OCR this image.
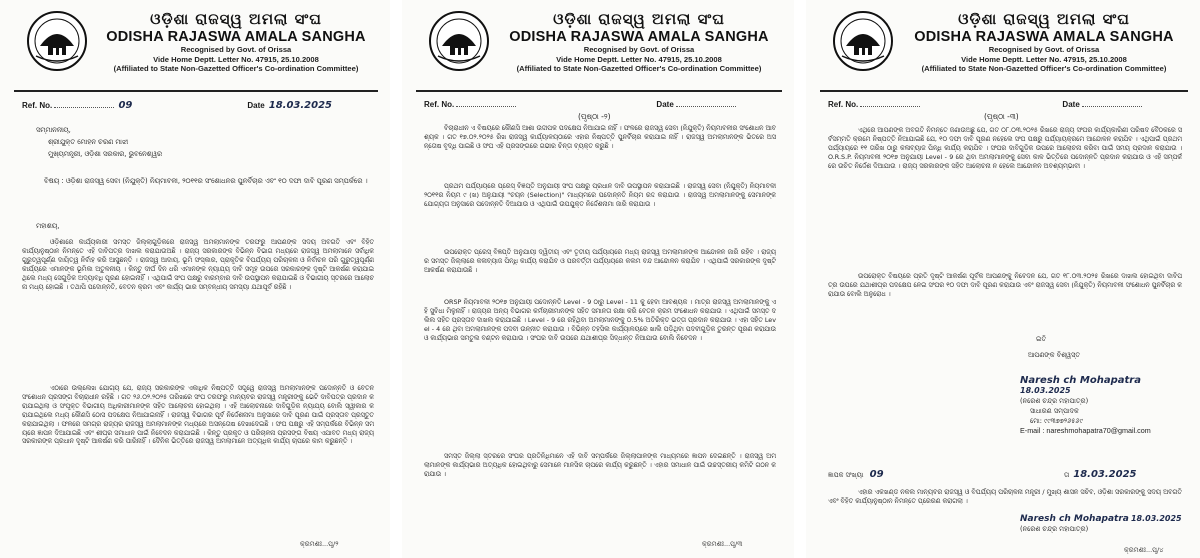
ଓଡ଼ିଶା ରାଜସ୍ୱ ଅମଲା ସଂଘ
ODISHA RAJASWA AMALA SANGHA
Recognised by Govt. of Orissa
Vide Home Deptt. Letter No. 47915, 25.10.2008
(Affiliated to State Non-Gazetted Officer's Co-ordination Committee)
Ref. No.	09	Date 18.03.2025
ସମ୍ମାନନୀୟ,
ଶ୍ରୀଯୁକ୍ତ ମୋହନ ଚରଣ ମାଝୀ
ମୁଖ୍ୟମନ୍ତ୍ରୀ, ଓଡ଼ିଶା ସରକାର, ଭୁବନେଶ୍ୱର
ବିଷୟ : ଓଡ଼ିଶା ରାଜସ୍ୱ ସେବା (ନିଯୁକ୍ତି) ନିୟମାବଳୀ, ୨୦୧୧ର ସଂଶୋଧନର ପୁନର୍ବିଚାର ଏବଂ ୧୦ ଦଫା ଦାବି ପୂରଣ ସମ୍ପର୍କରେ ।
ମହାଶୟ,
ଓଡ଼ିଶାରେ କାର୍ଯ୍ୟକାରୀ ସମସ୍ତ ଜିଲ୍ଲାଗୁଡ଼ିକରେ ରାଜସ୍ୱ ଅମଲାମାନଙ୍କ ତରଫରୁ ଆପଣଙ୍କ ସଦୟ ଅବଗତି ଏବଂ ବିହିତ କାର୍ଯ୍ୟାନୁଷ୍ଠାନ ନିମନ୍ତେ ଏହି ଦାବିପତ୍ର ଦାଖଲ କରାଯାଉଅଛି । ରାଜ୍ୟ ସରକାରଙ୍କ ବିଭିନ୍ନ ବିଭାଗ ମଧ୍ୟରେ ରାଜସ୍ୱ ଅମଲାମାନେ ସର୍ବାଧିକ ଗୁରୁତ୍ୱପୂର୍ଣ୍ଣ ଦାୟିତ୍ୱ ନିର୍ବାହ କରି ଆସୁଛନ୍ତି । ରାଜସ୍ୱ ଆଦାୟ, ଭୂମି ସଂସ୍କାର, ପ୍ରାକୃତିକ ବିପର୍ଯ୍ୟୟ ପରିଚାଳନା ଓ ନିର୍ବାଚନ ପରି ଗୁରୁତ୍ୱପୂର୍ଣ୍ଣ କାର୍ଯ୍ୟରେ ଏମାନଙ୍କ ଭୂମିକା ଅତୁଳନୀୟ । କିନ୍ତୁ ଦୀର୍ଘ ଦିନ ଧରି ଏମାନଙ୍କ ନ୍ୟାଯ୍ୟ ଦାବି ସମୂହ ଉପରେ ସରକାରଙ୍କ ଦୃଷ୍ଟି ଆକର୍ଷଣ କରାଯାଇଥିଲେ ମଧ୍ୟ ସେଗୁଡ଼ିକ ଅଦ୍ୟାବଧି ପୂରଣ ହୋଇନାହିଁ । ଏଥିପାଇଁ ସଂଘ ପକ୍ଷରୁ ବାରମ୍ବାର ଦାବି ଉପସ୍ଥାପନ କରାଯାଇଛି ଓ ବିଭାଗୀୟ ସ୍ତରରେ ଆଲୋଚନା ମଧ୍ୟ ହୋଇଛି । ତଥାପି ପଦୋନ୍ନତି, ବେତନ କ୍ରମ ଏବଂ କାର୍ଯ୍ୟ ଭାର ସମ୍ବନ୍ଧୀୟ ସମସ୍ୟା ଯଥାପୂର୍ବ ରହିଛି ।
ଏଠାରେ ଉଲ୍ଲେଖ ଯୋଗ୍ୟ ଯେ, ରାଜ୍ୟ ସରକାରଙ୍କ ଏକାଧିକ ନିଷ୍ପତ୍ତି ସତ୍ତ୍ୱେ ରାଜସ୍ୱ ଅମଲାମାନଙ୍କ ପଦୋନ୍ନତି ଓ ବେତନ ସଂଶୋଧନ ପ୍ରସଙ୍ଗ ବିଚାରାଧୀନ ରହିଛି । ଗତ ୨୬.୦୨.୨୦୨୫ ତାରିଖରେ ସଂଘ ତରଫରୁ ମାନ୍ୟବର ରାଜସ୍ୱ ମନ୍ତ୍ରୀଙ୍କୁ ଭେଟି ଦାବିପତ୍ର ପ୍ରଦାନ କରାଯାଇଥିଲା ଓ ସଂପୃକ୍ତ ବିଭାଗୀୟ ଅଧିକାରୀମାନଙ୍କ ସହିତ ଆଲୋଚନା ହୋଇଥିଲା । ଏହି ଆଲୋଚନାରେ ଦାବିଗୁଡ଼ିକ ନ୍ୟାଯ୍ୟ ବୋଲି ସ୍ୱୀକାର କରାଯାଇଥିଲେ ମଧ୍ୟ କୌଣସି ଠୋସ ପଦକ୍ଷେପ ନିଆଯାଇନାହିଁ । ରାଜସ୍ୱ ବିଭାଗର ପୂର୍ବ ନିର୍ଦ୍ଦେଶନାମା ଅନୁସାରେ ଦାବି ପୂରଣ ପାଇଁ ପ୍ରସ୍ତାବ ପ୍ରସ୍ତୁତ କରାଯାଇଥିଲା । ଫଳରେ ସମଗ୍ର ରାଜ୍ୟର ରାଜସ୍ୱ ଅମଲାମାନଙ୍କ ମଧ୍ୟରେ ଅସନ୍ତୋଷ ଦେଖାଦେଇଛି । ସଂଘ ପକ୍ଷରୁ ଏହି ସମ୍ପର୍କରେ ବିଭିନ୍ନ ସମୟରେ ଜ୍ଞାପନ ଦିଆଯାଇଛି ଏବଂ ଶୀଘ୍ର ସମାଧାନ ପାଇଁ ନିବେଦନ କରାଯାଇଛି । କିନ୍ତୁ ପ୍ରକୃତ ଓ ପରିଚାଳନା ପ୍ରସଙ୍ଗ ବିଷୟ ଏଯାବତ ମଧ୍ୟ ରାଜ୍ୟ ସରକାରଙ୍କ ପ୍ରଧାନ ଦୃଷ୍ଟି ଆକର୍ଷଣ କରି ପାରିନାହିଁ । ଦୈନିକ ଭିତ୍ତିରେ ରାଜସ୍ୱ ଅମଲାମାନେ ଅତ୍ୟଧିକ କାର୍ଯ୍ୟ ଚାପରେ କାମ କରୁଛନ୍ତି ।
କ୍ରମଶଃ...ପୃ/୨
ଓଡ଼ିଶା ରାଜସ୍ୱ ଅମଲା ସଂଘ
ODISHA RAJASWA AMALA SANGHA
Recognised by Govt. of Orissa
Vide Home Deptt. Letter No. 47915, 25.10.2008
(Affiliated to State Non-Gazetted Officer's Co-ordination Committee)
Ref. No.	Date
(ପୃଷ୍ଠା -୨)
ବିଚାରାଧୀନ ଏ ବିଷୟରେ କୌଣସି ଆଶା ଉଦ୍ଦୀପକ ପଦକ୍ଷେପ ନିଆଯାଇ ନାହିଁ । ଫଳରେ ରାଜସ୍ୱ ସେବା (ନିଯୁକ୍ତି) ନିୟମାବଳୀର ସଂଶୋଧନ ଆବଶ୍ୟକ । ଗତ ୧୭.୦୨.୨୦୨୫ ରିଖ ରାଜସ୍ୱ କାର୍ଯ୍ୟାଳୟଠାରେ ଏହାର ନିଷ୍ପତ୍ତି ପୁନର୍ବିଚାର କରାଯାଇ ନାହିଁ । ରାଜସ୍ୱ ଅମଲାମାନଙ୍କ ଭିତରେ ଅସନ୍ତୋଷ ବୃଦ୍ଧି ପାଇଛି ଓ ସଂଘ ଏହି ପ୍ରସଙ୍ଗରେ ଗଭୀର ଚିନ୍ତା ବ୍ୟକ୍ତ କରୁଛି ।
ପ୍ରଥମ ପର୍ଯ୍ୟାୟରେ ପ୍ରେସ୍ ବିଜ୍ଞପ୍ତି ଅନୁଯାୟୀ ସଂଘ ପକ୍ଷରୁ ପ୍ରଧାନ ଦାବି ଉପସ୍ଥାପନ କରାଯାଇଛି । ରାଜସ୍ୱ ସେବା (ନିଯୁକ୍ତି) ନିୟମାବଳୀ ୨୦୧୧ର ନିୟମ ୯ (ଖ) ଅନୁଯାୟୀ "ଚୟନ (Selection)" ମାଧ୍ୟମରେ ପଦୋନ୍ନତି ନିୟମ ରଦ୍ଦ କରାଯାଉ । ରାଜସ୍ୱ ଅମଲାମାନଙ୍କୁ ସେମାନଙ୍କ ଯୋଗ୍ୟତା ଅନୁସାରେ ପଦୋନ୍ନତି ଦିଆଯାଉ ଓ ଏଥିପାଇଁ ଉପଯୁକ୍ତ ନିର୍ଦ୍ଦେଶନାମା ଜାରି କରାଯାଉ ।
ଉପରୋକ୍ତ ପ୍ରେସ୍ ବିଜ୍ଞପ୍ତି ଅନୁଯାୟୀ ଦ୍ୱିତୀୟ ଏବଂ ତୃତୀୟ ପର୍ଯ୍ୟାୟରେ ମଧ୍ୟ ରାଜସ୍ୱ ଅମଲାମାନଙ୍କ ଆନ୍ଦୋଳନ ଜାରି ରହିବ । ରାଜ୍ୟର ସମସ୍ତ ଜିଲ୍ଲାରେ କଳାବ୍ୟାଜ ପିନ୍ଧି କାର୍ଯ୍ୟ କରାଯିବ ଓ ପରବର୍ତ୍ତୀ ପର୍ଯ୍ୟାୟରେ କଲମ ବନ୍ଦ ଆନ୍ଦୋଳନ କରାଯିବ । ଏଥିପାଇଁ ସରକାରଙ୍କ ଦୃଷ୍ଟି ଆକର୍ଷଣ କରାଯାଉଛି ।
ORSP ନିୟମାବଳୀ ୨୦୧୭ ଅନୁଯାୟୀ ପଦୋନ୍ନତି Level - 9 ଠାରୁ Level - 11 କୁ ହେବା ଆବଶ୍ୟକ । ମାତ୍ର ରାଜସ୍ୱ ଅମଲାମାନଙ୍କୁ ଏହି ସୁବିଧା ମିଳୁନାହିଁ । ରାଜ୍ୟର ଅନ୍ୟ ବିଭାଗର କର୍ମଚାରୀମାନଙ୍କ ସହିତ ସମାନତା ରକ୍ଷା କରି ବେତନ କ୍ରମ ସଂଶୋଧନ କରାଯାଉ । ଏଥିପାଇଁ ସମସ୍ତ ଦଲିଲ ସହିତ ପ୍ରସ୍ତାବ ଦାଖଲ କରାଯାଇଛି । Level - 9 ରେ ରହିଥିବା ଅମଲାମାନଙ୍କୁ ୦.5% ଅତିରିକ୍ତ ଭତ୍ତା ପ୍ରଦାନ କରାଯାଉ । ଏହା ସହିତ Level - 4 ରେ ଥିବା ଅମଲାମାନଙ୍କ ପଦବୀ ଉନ୍ନୀତ କରାଯାଉ । ବିଭିନ୍ନ ତହସିଲ କାର୍ଯ୍ୟାଳୟରେ ଖାଲି ପଡ଼ିଥିବା ପଦବୀଗୁଡ଼ିକ ତୁରନ୍ତ ପୂରଣ କରାଯାଉ ଓ କାର୍ଯ୍ୟଭାର ସମତୁଲ ବଣ୍ଟନ କରାଯାଉ । ସଂଘର ଦାବି ଉପରେ ଯଥାଶୀଘ୍ର ସିଦ୍ଧାନ୍ତ ନିଆଯାଉ ବୋଲି ନିବେଦନ ।
ସମସ୍ତ ଜିଲ୍ଲା ସ୍ତରରେ ସଂଘର ପ୍ରତିନିଧିମାନେ ଏହି ଦାବି ସମ୍ପର୍କରେ ଜିଲ୍ଲାପାଳଙ୍କ ମାଧ୍ୟମରେ ଜ୍ଞାପନ ଦେଇଛନ୍ତି । ରାଜସ୍ୱ ଅମଲାମାନଙ୍କ କାର୍ଯ୍ୟଭାର ଅତ୍ୟଧିକ ହୋଇଥିବାରୁ ସେମାନେ ମାନସିକ ଚାପରେ କାର୍ଯ୍ୟ କରୁଛନ୍ତି । ଏହାର ସମାଧାନ ପାଇଁ ଉଚ୍ଚସ୍ତରୀୟ କମିଟି ଗଠନ କରାଯାଉ ।
କ୍ରମଶଃ...ପୃ/୩
ଓଡ଼ିଶା ରାଜସ୍ୱ ଅମଲା ସଂଘ
ODISHA RAJASWA AMALA SANGHA
Recognised by Govt. of Orissa
Vide Home Deptt. Letter No. 47915, 25.10.2008
(Affiliated to State Non-Gazetted Officer's Co-ordination Committee)
Ref. No.	Date
(ପୃଷ୍ଠା -୩)
ଏଥିରେ ଆପଣଙ୍କ ଅବଗତି ନିମନ୍ତେ ଜଣାଉଅଛୁ ଯେ, ଗତ ୦୮.୦୩.୨୦୨୫ ରିଖରେ ରାଜ୍ୟ ସଂଘର କାର୍ଯ୍ୟକାରିଣୀ ପରିଷଦ ବୈଠକରେ ସର୍ବସମ୍ମତି କ୍ରମେ ନିଷ୍ପତ୍ତି ନିଆଯାଇଛି ଯେ, ୧୦ ଦଫା ଦାବି ପୂରଣ ନହେଲେ ସଂଘ ପକ୍ଷରୁ ପର୍ଯ୍ୟାୟକ୍ରମେ ଆନ୍ଦୋଳନ କରାଯିବ । ଏଥିପାଇଁ ପ୍ରଥମ ପର୍ଯ୍ୟାୟରେ ୧୧ ତାରିଖ ଠାରୁ କଳାବ୍ୟାଜ ପିନ୍ଧି କାର୍ଯ୍ୟ କରାଯିବ । ସଂଘର ଦାବିଗୁଡ଼ିକ ଉପରେ ଆଲୋଚନା କରିବା ପାଇଁ ସମୟ ପ୍ରଦାନ କରାଯାଉ । O.R.S.P. ନିୟମାବଳୀ ୨୦୧୭ ଅନୁଯାୟୀ Level - 9 ରେ ଥିବା ଅମଲାମାନଙ୍କୁ ସେବା କାଳ ଭିତ୍ତିରେ ପଦୋନ୍ନତି ପ୍ରଦାନ କରାଯାଉ ଓ ଏହି ସମ୍ପର୍କରେ ଉଚିତ ନିର୍ଦ୍ଦେଶ ଦିଆଯାଉ । ରାଜ୍ୟ ସରକାରଙ୍କ ସହିତ ଆଲୋଚନା ନ ହେଲେ ଆନ୍ଦୋଳନ ଅବଶ୍ୟମ୍ଭାବୀ ।
ଉପରୋକ୍ତ ବିଷୟରେ ପ୍ରତି ଦୃଷ୍ଟି ଆକର୍ଷଣ ପୂର୍ବକ ଆପଣଙ୍କୁ ନିବେଦନ ଯେ, ଗତ ୧୮.୦୩.୨୦୨୫ ରିଖରେ ଦାଖଲ ହୋଇଥିବା ଦାବିପତ୍ର ଉପରେ ଯଥାଶୀଘ୍ର ପଦକ୍ଷେପ ନେଇ ସଂଘର ୧୦ ଦଫା ଦାବି ପୂରଣ କରାଯାଉ ଏବଂ ରାଜସ୍ୱ ସେବା (ନିଯୁକ୍ତି) ନିୟମାବଳୀ ସଂଶୋଧନ ପୁନର୍ବିଚାର କରାଯାଉ ବୋଲି ଅନୁରୋଧ ।
ଇତି
ଆପଣଙ୍କ ବିଶ୍ୱସ୍ତ
Naresh ch Mohapatra 18.03.2025
(ନରେଶ ଚନ୍ଦ୍ର ମହାପାତ୍ର)
ସାଧାରଣ ସମ୍ପାଦକ
ମୋ: ୯୯୩୭୭୨୬୫୬୯
E-mail : nareshmohapatra70@gmail.com
ଜ୍ଞାପକ ସଂଖ୍ୟା 09	ତା 18.03.2025
ଏହାର ଏକଖଣ୍ଡ ନକଲ ମାନ୍ୟବର ରାଜସ୍ୱ ଓ ବିପର୍ଯ୍ୟୟ ପରିଚାଳନା ମନ୍ତ୍ରୀ / ମୁଖ୍ୟ ଶାସନ ସଚିବ, ଓଡ଼ିଶା ସରକାରଙ୍କୁ ସଦୟ ଅବଗତି ଏବଂ ବିହିତ କାର୍ଯ୍ୟାନୁଷ୍ଠାନ ନିମନ୍ତେ ପ୍ରେରଣ କରାଗଲା ।
Naresh ch Mohapatra 18.03.2025
(ନରେଶ ଚନ୍ଦ୍ର ମହାପାତ୍ର)
କ୍ରମଶଃ...ପୃ/୪
